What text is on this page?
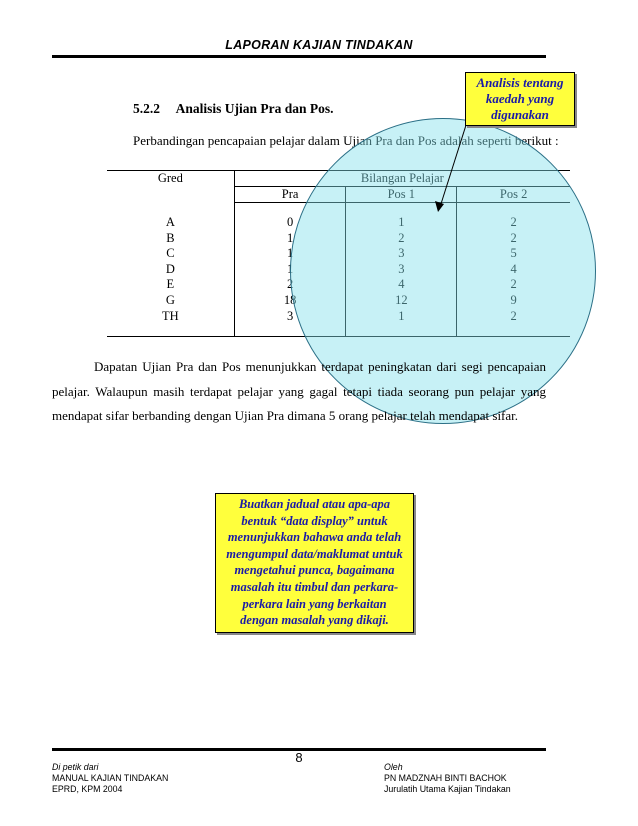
LAPORAN KAJIAN TINDAKAN
5.2.2 Analisis Ujian Pra dan Pos.
Perbandingan pencapaian pelajar dalam Ujian Pra dan Pos adalah seperti berikut :
Gred	Bilangan Pelajar		
	Pra	Pos 1	Pos 2

A	0	1	2
B	1	2	2
C	1	3	5
D	1	3	4
E	2	4	2
G	18	12	9
TH	3	1	2

Analisis tentang
kaedah yang
digunakan
Dapatan Ujian Pra dan Pos menunjukkan terdapat peningkatan dari segi pencapaian pelajar. Walaupun masih terdapat pelajar yang gagal tetapi tiada seorang pun pelajar yang mendapat sifar berbanding dengan Ujian Pra dimana 5 orang pelajar telah mendapat sifar.
Buatkan jadual atau apa-apa
bentuk “data display” untuk
menunjukkan bahawa anda telah
mengumpul data/maklumat untuk
mengetahui punca, bagaimana
masalah itu timbul dan perkara-
perkara lain yang berkaitan
dengan masalah yang dikaji.
8
Di petik dari
MANUAL KAJIAN TINDAKAN
EPRD, KPM 2004
Oleh
PN MADZNAH BINTI BACHOK
Jurulatih Utama Kajian Tindakan
